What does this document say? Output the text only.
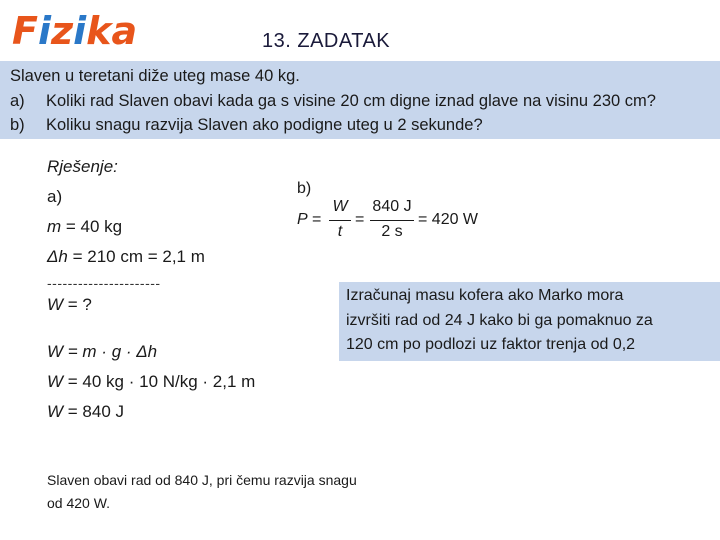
Fizika	13. ZADATAK
Slaven u teretani diže uteg mase 40 kg.
a) Koliki rad Slaven obavi kada ga s visine 20 cm digne iznad glave na visinu 230 cm?
b) Koliku snagu razvija Slaven ako podigne uteg u 2 sekunde?
Rješenje:
a)
m = 40 kg
Δh = 210 cm = 2,1 m
----------------------
W = ?
W = m · g · Δh
W = 40 kg · 10 N/kg · 2,1 m
W = 840 J
b)
P =
W
t
=
840 J
2 s
= 420 W
Izračunaj masu kofera ako Marko mora
izvršiti rad od 24 J kako bi ga pomaknuo za
120 cm po podlozi uz faktor trenja od 0,2
Slaven obavi rad od 840 J, pri čemu razvija snagu
od 420 W.
